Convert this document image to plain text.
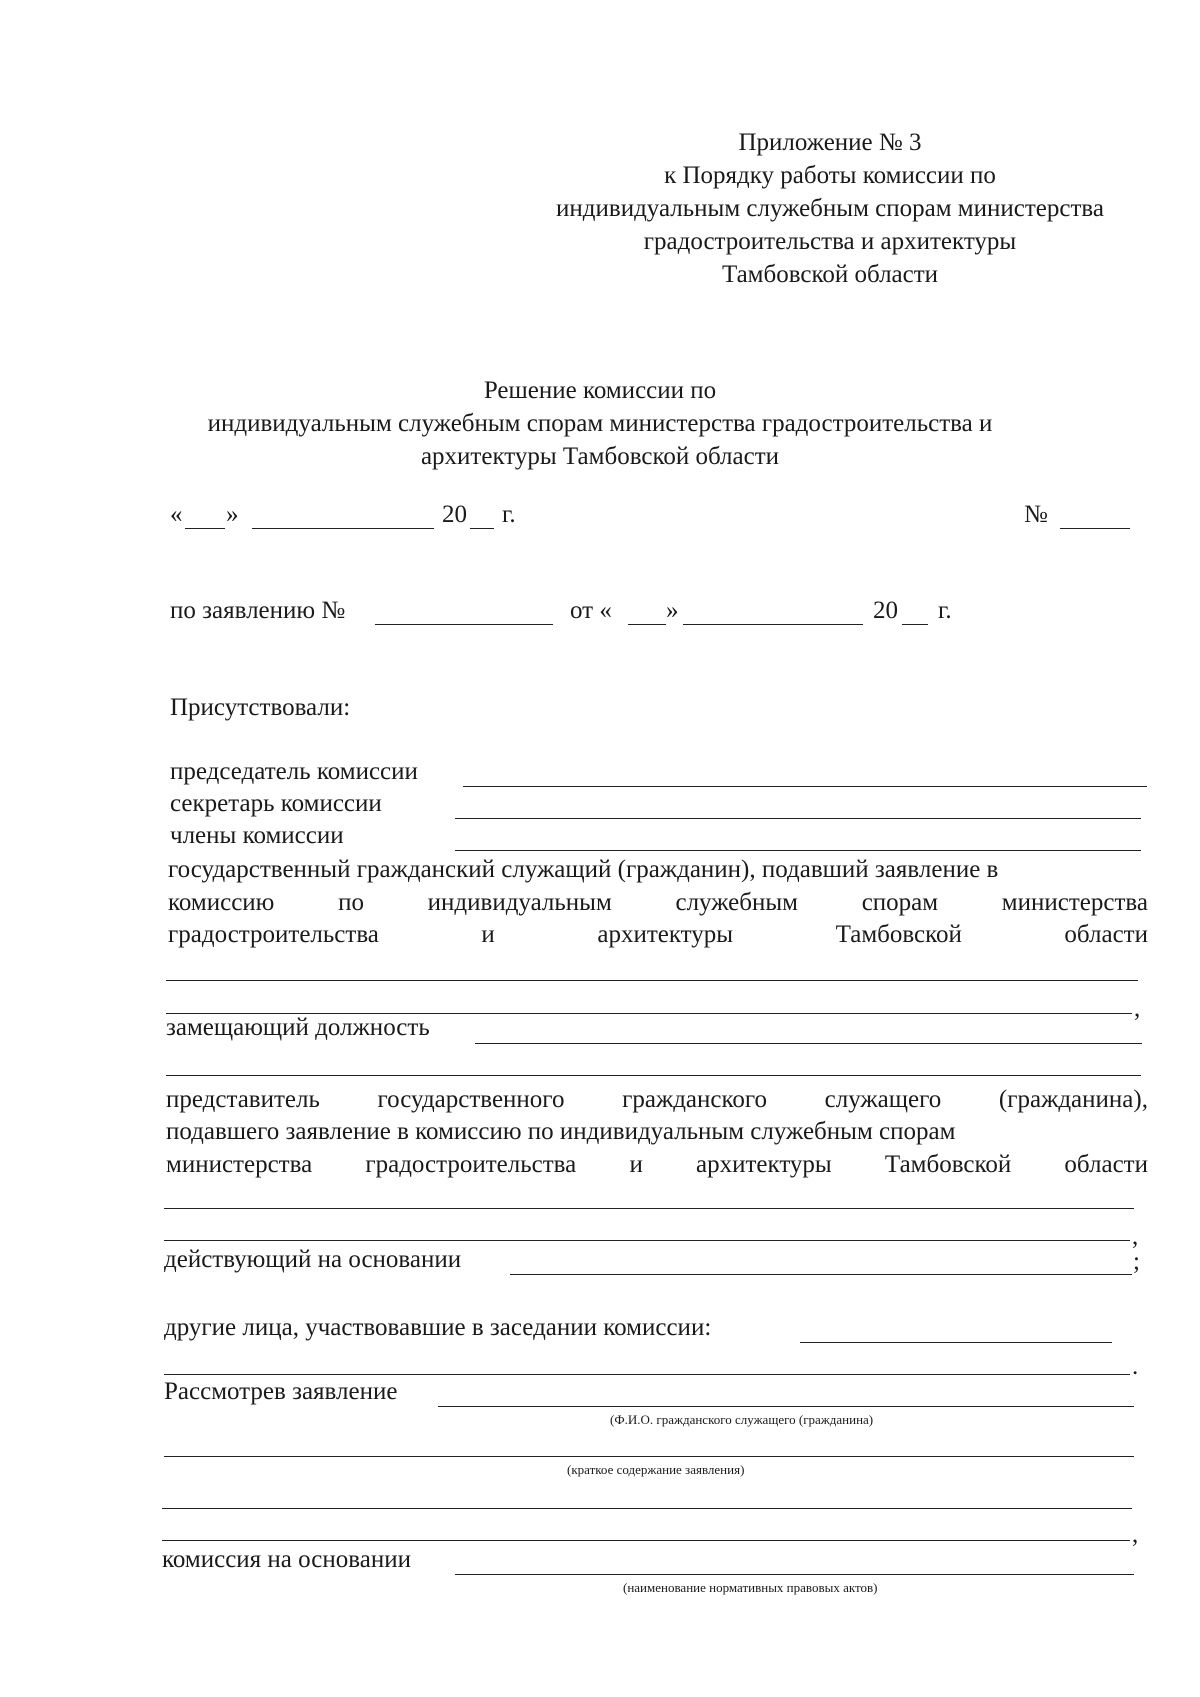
Приложение № 3
к Порядку работы комиссии по
индивидуальным служебным спорам министерства
градостроительства и архитектуры
Тамбовской области
Решение комиссии по
индивидуальным служебным спорам министерства градостроительства и
архитектуры Тамбовской области
« »	20 г.	№
по заявлению №	от « »	20 г.
Присутствовали:
председатель комиссии
секретарь комиссии
члены комиссии
государственный гражданский служащий (гражданин), подавший заявление в
комиссию	по	индивидуальным	служебным	спорам	министерства
градостроительства	и	архитектуры	Тамбовской	области
,
замещающий должность
представитель государственного гражданского служащего (гражданина),
подавшего заявление в комиссию по индивидуальным служебным спорам
министерства градостроительства и архитектуры Тамбовской области
,
действующий на основании	;
другие лица, участвовавшие в заседании комиссии:
.
Рассмотрев заявление
(Ф.И.О. гражданского служащего (гражданина)
(краткое содержание заявления)
,
комиссия на основании
(наименование нормативных правовых актов)
